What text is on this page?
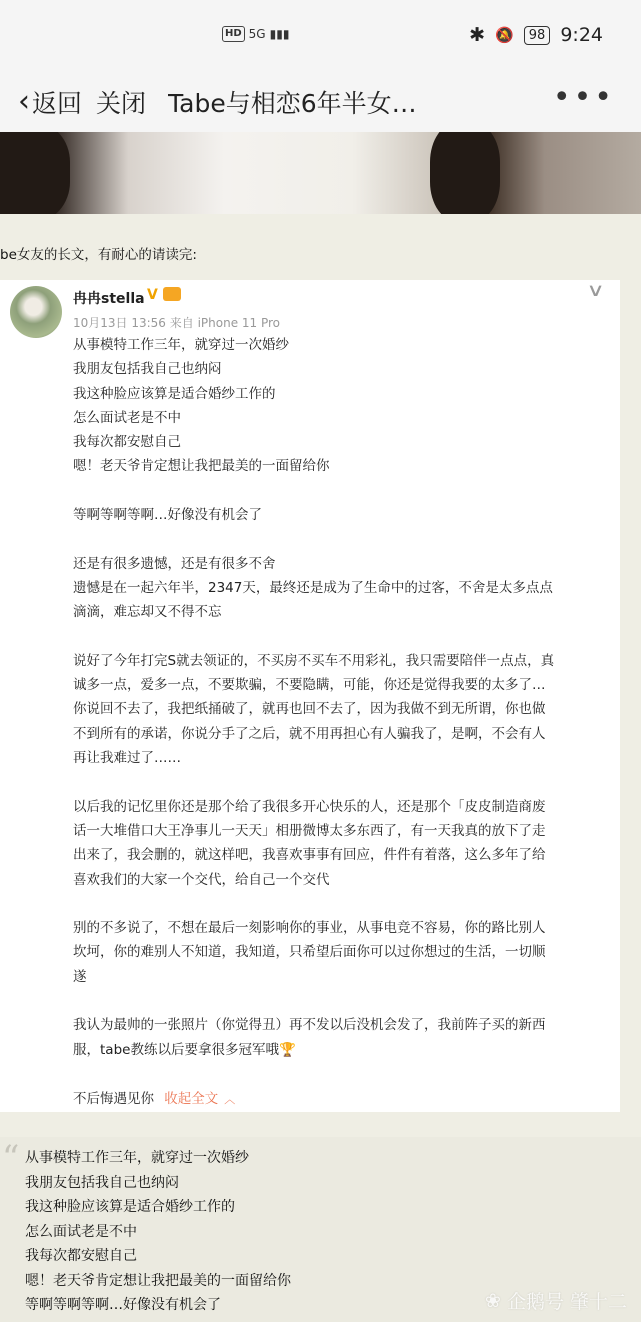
HD 5G ▮▮▮	✱ 🔕	98 9:24
‹ 返回 关闭 Tabe与相恋6年半女…	•••
be女友的长文，有耐心的请读完:
冉冉stella V	∨
10月13日 13:56 来自 iPhone 11 Pro

从事模特工作三年，就穿过一次婚纱

我朋友包括我自己也纳闷

我这种脸应该算是适合婚纱工作的

怎么面试老是不中

我每次都安慰自己

嗯！老天爷肯定想让我把最美的一面留给你

等啊等啊等啊…好像没有机会了

还是有很多遗憾，还是有很多不舍

遗憾是在一起六年半，2347天，最终还是成为了生命中的过客，不舍是太多点点

滴滴，难忘却又不得不忘

说好了今年打完S就去领证的，不买房不买车不用彩礼，我只需要陪伴一点点，真

诚多一点，爱多一点，不要欺骗，不要隐瞒，可能，你还是觉得我要的太多了…

你说回不去了，我把纸捅破了，就再也回不去了，因为我做不到无所谓，你也做

不到所有的承诺，你说分手了之后，就不用再担心有人骗我了，是啊，不会有人

再让我难过了……

以后我的记忆里你还是那个给了我很多开心快乐的人，还是那个「皮皮制造商废

话一大堆借口大王净事儿一天天」相册微博太多东西了，有一天我真的放下了走

出来了，我会删的，就这样吧，我喜欢事事有回应，件件有着落，这么多年了给

喜欢我们的大家一个交代，给自己一个交代

别的不多说了，不想在最后一刻影响你的事业，从事电竞不容易，你的路比别人

坎坷，你的难别人不知道，我知道，只希望后面你可以过你想过的生活，一切顺

遂

我认为最帅的一张照片（你觉得丑）再不发以后没机会发了，我前阵子买的新西

服，tabe教练以后要拿很多冠军哦🏆

不后悔遇见你 收起全文 ︿
“ 从事模特工作三年，就穿过一次婚纱
我朋友包括我自己也纳闷
我这种脸应该算是适合婚纱工作的
怎么面试老是不中
我每次都安慰自己
嗯！老天爷肯定想让我把最美的一面留给你
等啊等啊等啊…好像没有机会了	❀ 企鹅号 肇十二
